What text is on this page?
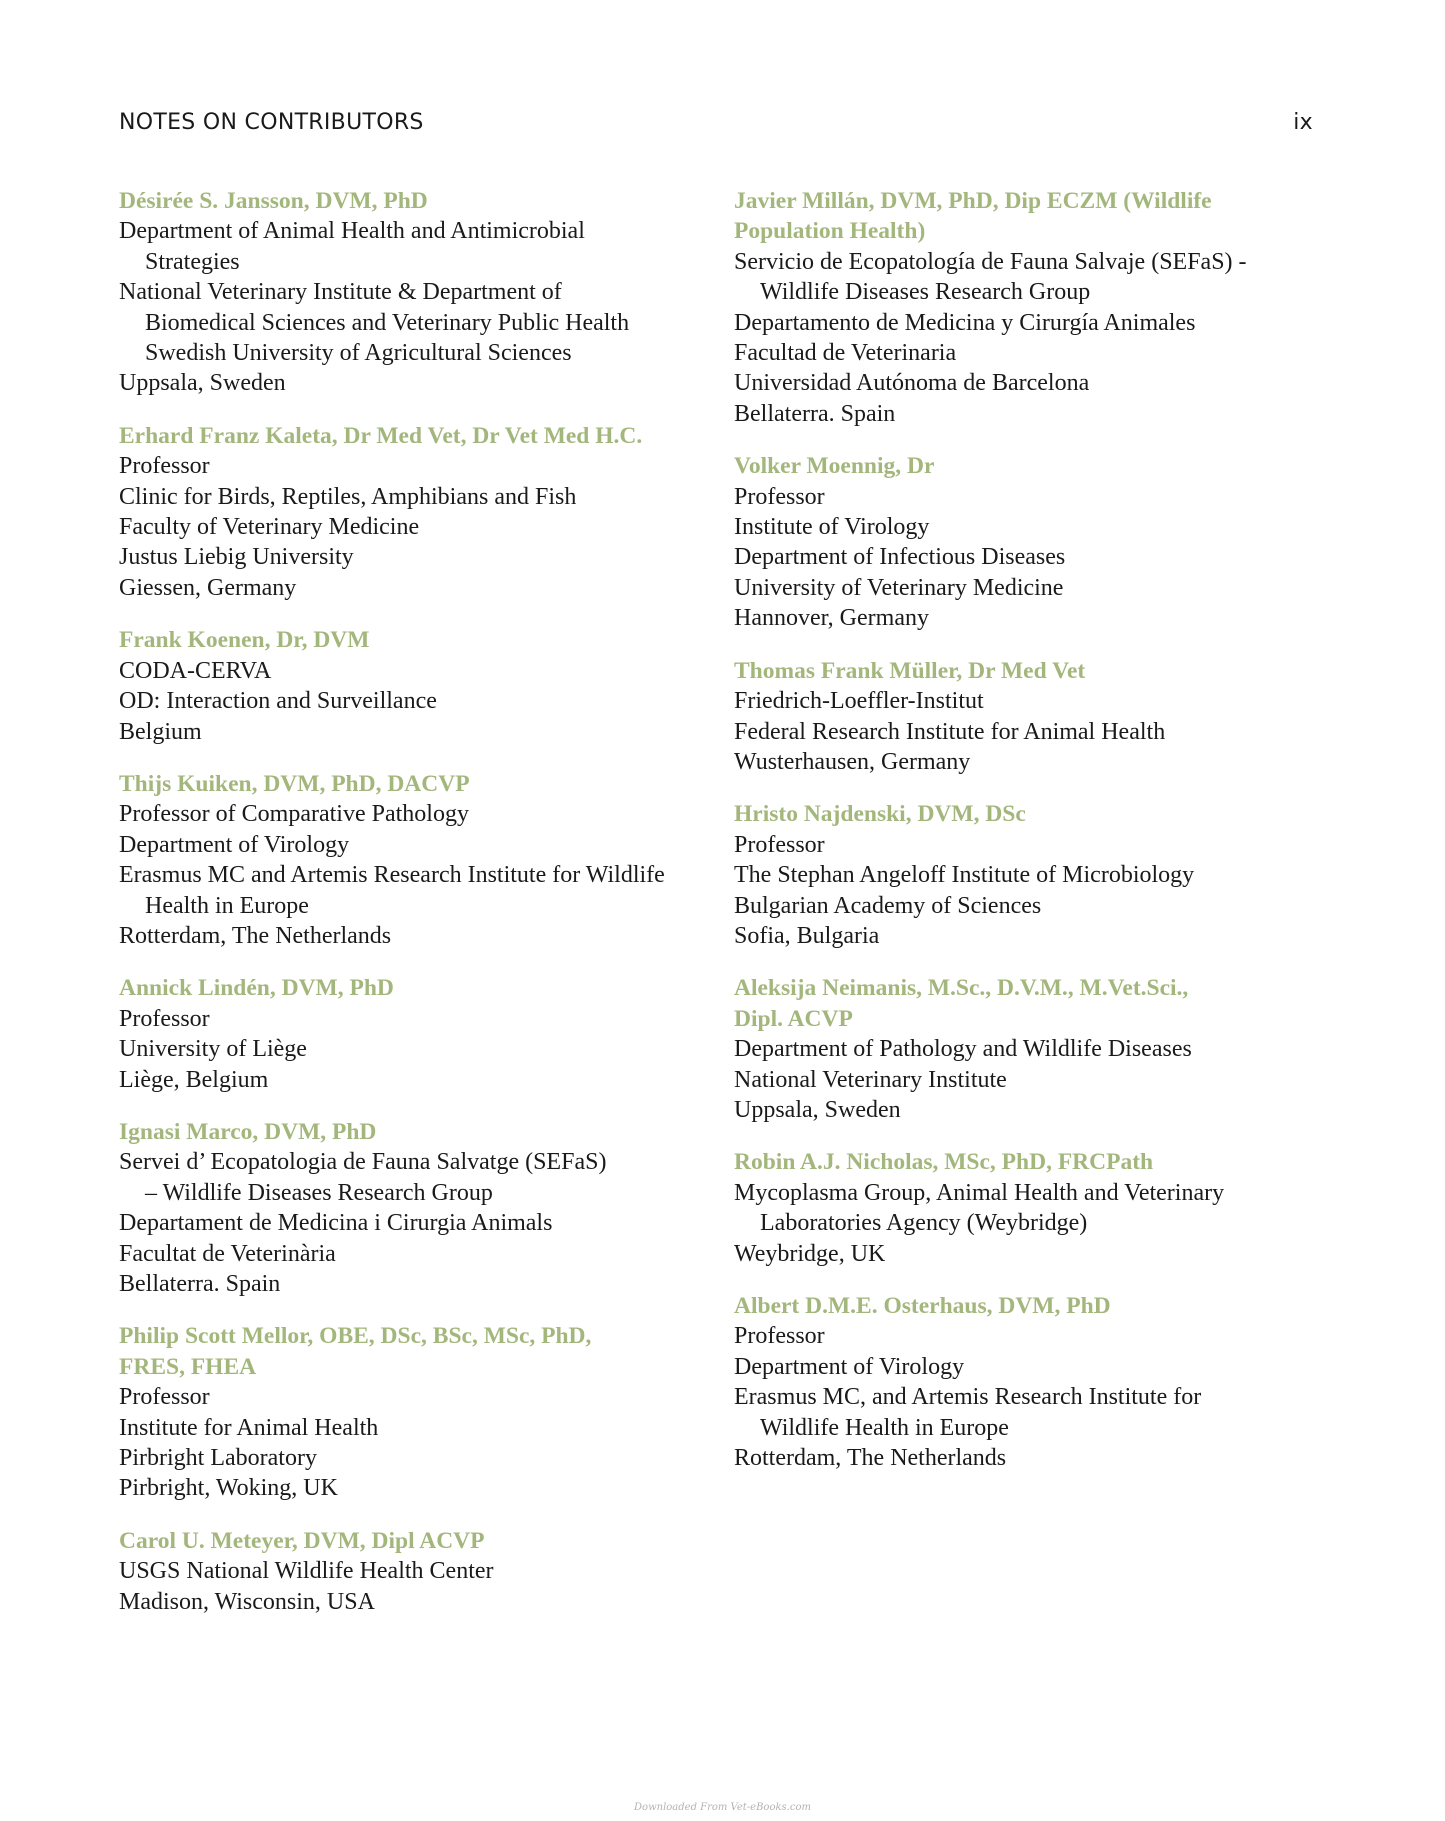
NOTES ON CONTRIBUTORS	ix
Désirée S. Jansson, DVM, PhD
Department of Animal Health and Antimicrobial
Strategies
National Veterinary Institute & Department of
Biomedical Sciences and Veterinary Public Health
Swedish University of Agricultural Sciences
Uppsala, Sweden
Erhard Franz Kaleta, Dr Med Vet, Dr Vet Med H.C.
Professor
Clinic for Birds, Reptiles, Amphibians and Fish
Faculty of Veterinary Medicine
Justus Liebig University
Giessen, Germany
Frank Koenen, Dr, DVM
CODA-CERVA
OD: Interaction and Surveillance
Belgium
Thijs Kuiken, DVM, PhD, DACVP
Professor of Comparative Pathology
Department of Virology
Erasmus MC and Artemis Research Institute for Wildlife
Health in Europe
Rotterdam, The Netherlands
Annick Lindén, DVM, PhD
Professor
University of Liège
Liège, Belgium
Ignasi Marco, DVM, PhD
Servei d’ Ecopatologia de Fauna Salvatge (SEFaS)
– Wildlife Diseases Research Group
Departament de Medicina i Cirurgia Animals
Facultat de Veterinària
Bellaterra. Spain
Philip Scott Mellor, OBE, DSc, BSc, MSc, PhD,
FRES, FHEA
Professor
Institute for Animal Health
Pirbright Laboratory
Pirbright, Woking, UK
Carol U. Meteyer, DVM, Dipl ACVP
USGS National Wildlife Health Center
Madison, Wisconsin, USA
Javier Millán, DVM, PhD, Dip ECZM (Wildlife
Population Health)
Servicio de Ecopatología de Fauna Salvaje (SEFaS) -
Wildlife Diseases Research Group
Departamento de Medicina y Cirurgía Animales
Facultad de Veterinaria
Universidad Autónoma de Barcelona
Bellaterra. Spain
Volker Moennig, Dr
Professor
Institute of Virology
Department of Infectious Diseases
University of Veterinary Medicine
Hannover, Germany
Thomas Frank Müller, Dr Med Vet
Friedrich-Loeffler-Institut
Federal Research Institute for Animal Health
Wusterhausen, Germany
Hristo Najdenski, DVM, DSc
Professor
The Stephan Angeloff Institute of Microbiology
Bulgarian Academy of Sciences
Sofia, Bulgaria
Aleksija Neimanis, M.Sc., D.V.M., M.Vet.Sci.,
Dipl. ACVP
Department of Pathology and Wildlife Diseases
National Veterinary Institute
Uppsala, Sweden
Robin A.J. Nicholas, MSc, PhD, FRCPath
Mycoplasma Group, Animal Health and Veterinary
Laboratories Agency (Weybridge)
Weybridge, UK
Albert D.M.E. Osterhaus, DVM, PhD
Professor
Department of Virology
Erasmus MC, and Artemis Research Institute for
Wildlife Health in Europe
Rotterdam, The Netherlands
Downloaded From Vet-eBooks.com
